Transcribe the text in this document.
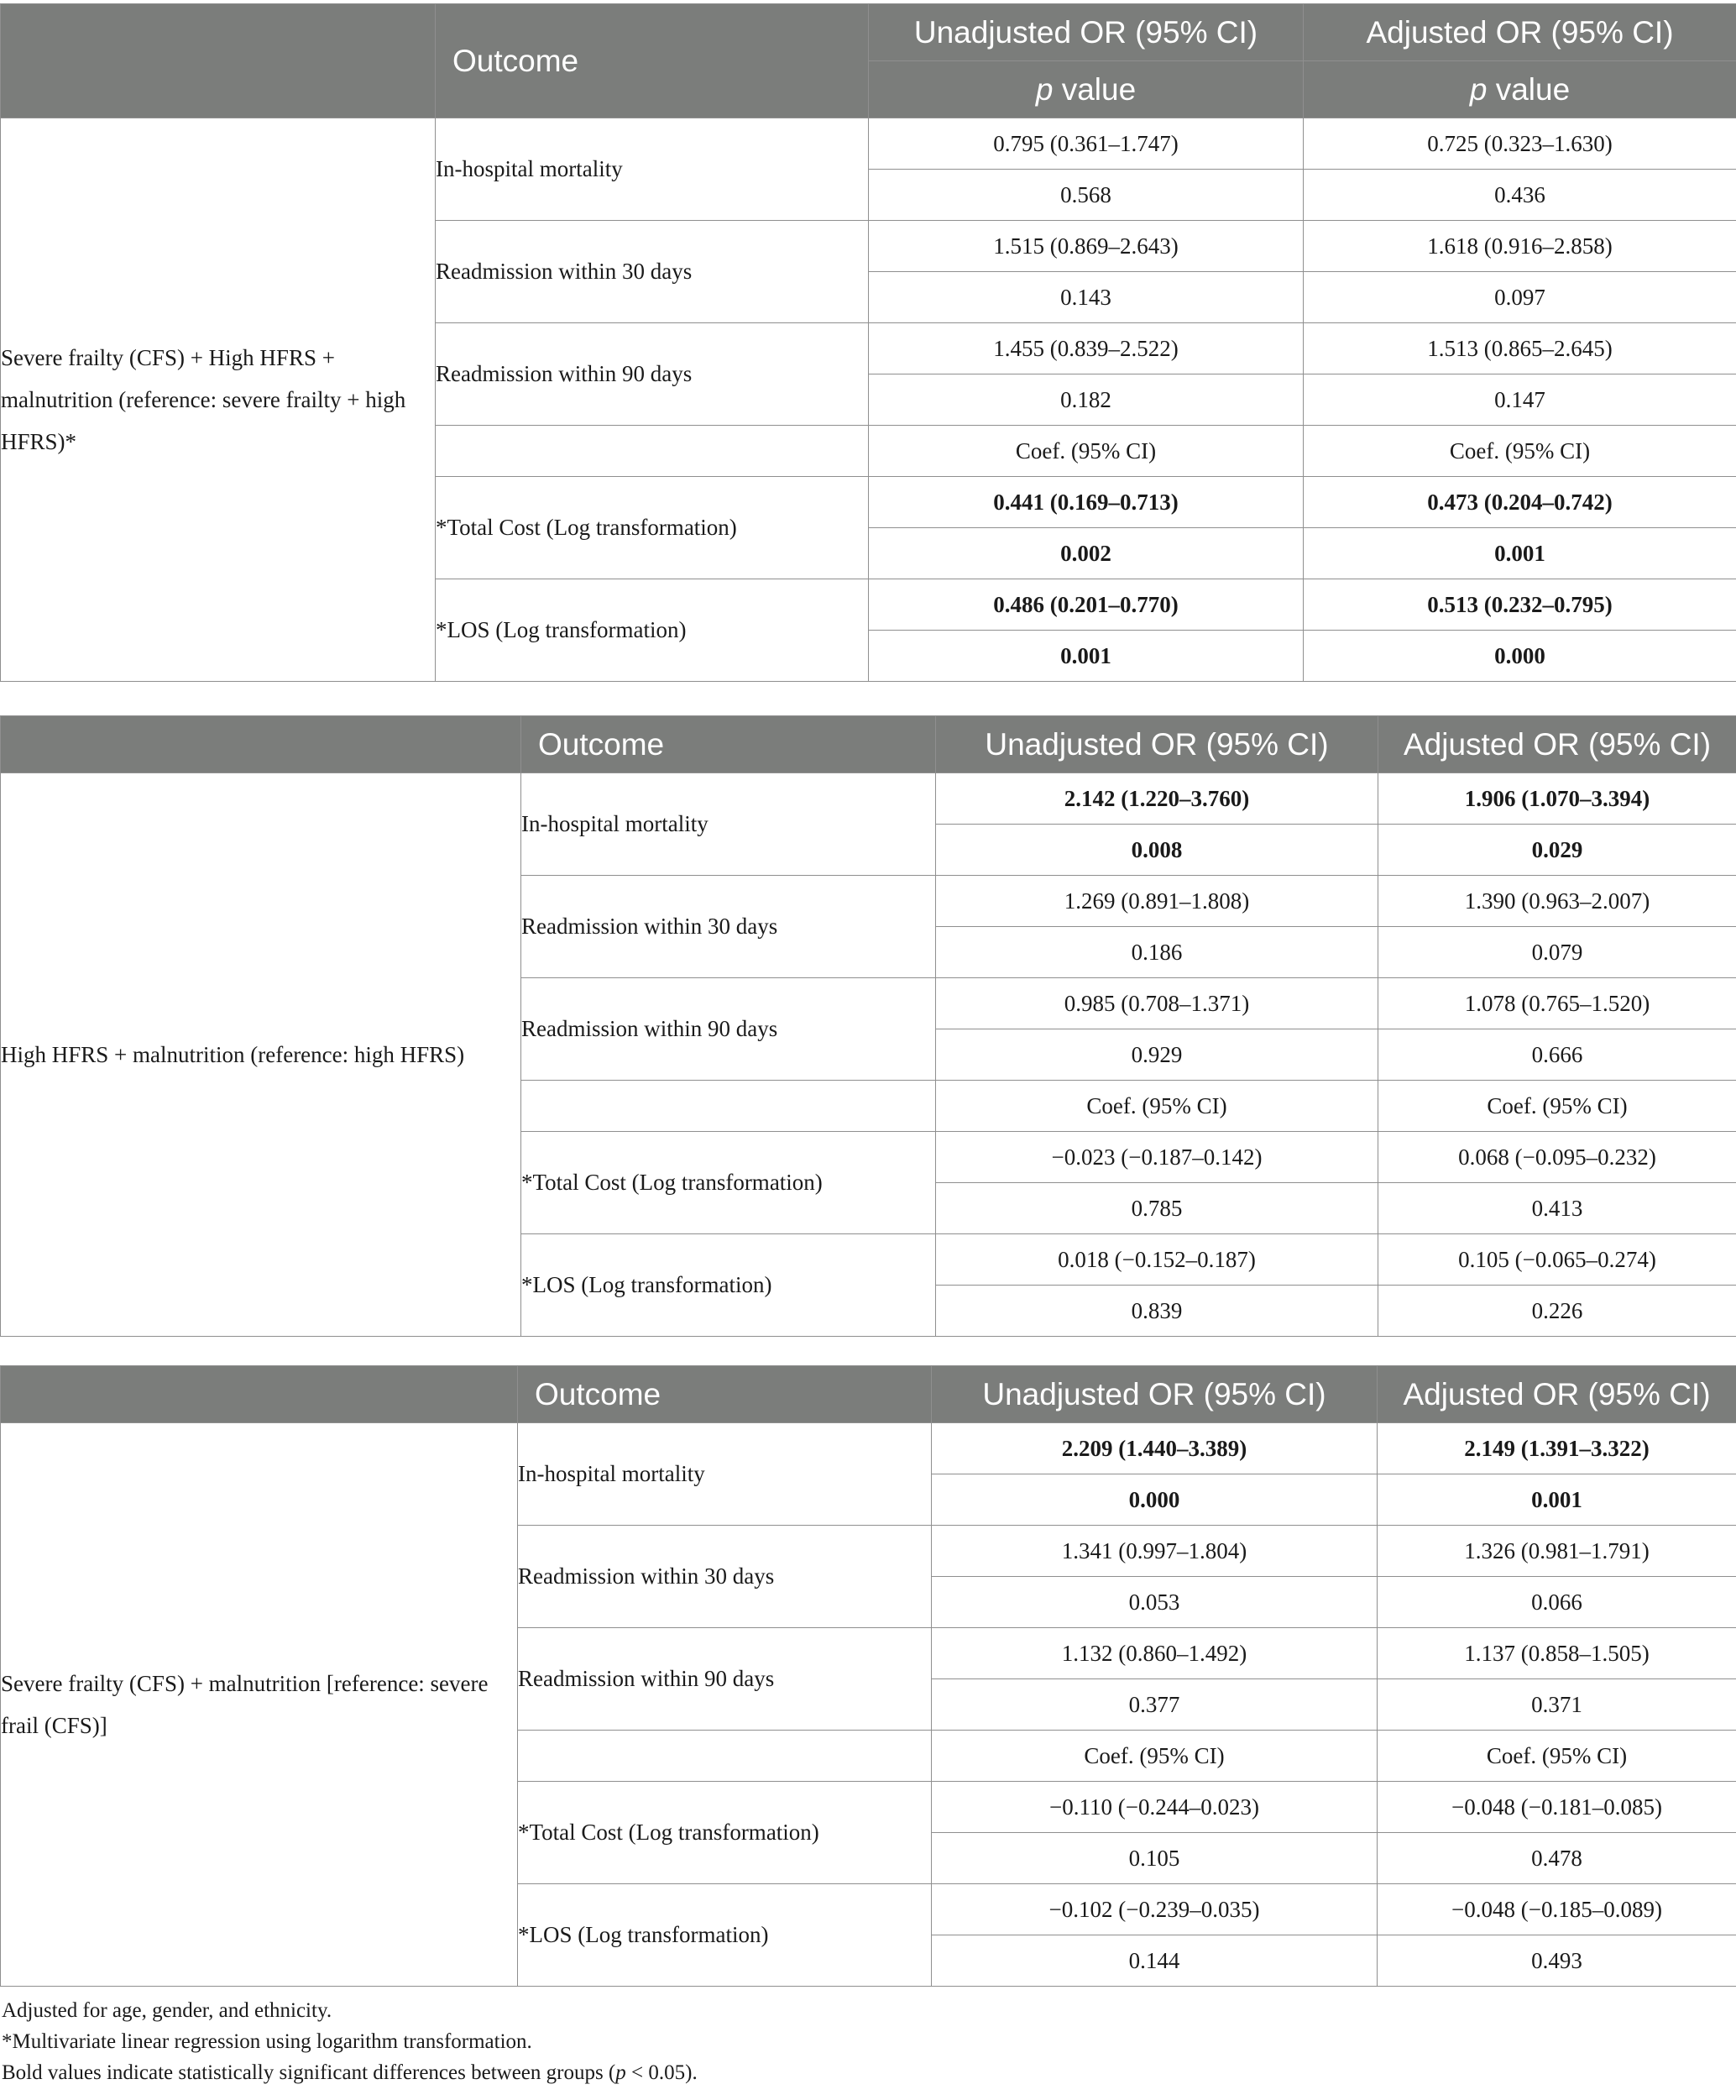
	Outcome	Unadjusted OR (95% CI)	Adjusted OR (95% CI)
		p value	p value
Severe frailty (CFS) + High HFRS + malnutrition (reference: severe frailty + high HFRS)*	In-hospital mortality	0.795 (0.361–1.747)	0.725 (0.323–1.630)
		0.568	0.436
	Readmission within 30 days	1.515 (0.869–2.643)	1.618 (0.916–2.858)
		0.143	0.097
	Readmission within 90 days	1.455 (0.839–2.522)	1.513 (0.865–2.645)
		0.182	0.147
		Coef. (95% CI)	Coef. (95% CI)
	*Total Cost (Log transformation)	0.441 (0.169–0.713)	0.473 (0.204–0.742)
		0.002	0.001
	*LOS (Log transformation)	0.486 (0.201–0.770)	0.513 (0.232–0.795)
		0.001	0.000
	Outcome	Unadjusted OR (95% CI)	Adjusted OR (95% CI)
High HFRS + malnutrition (reference: high HFRS)	In-hospital mortality	2.142 (1.220–3.760)	1.906 (1.070–3.394)
		0.008	0.029
	Readmission within 30 days	1.269 (0.891–1.808)	1.390 (0.963–2.007)
		0.186	0.079
	Readmission within 90 days	0.985 (0.708–1.371)	1.078 (0.765–1.520)
		0.929	0.666
		Coef. (95% CI)	Coef. (95% CI)
	*Total Cost (Log transformation)	−0.023 (−0.187–0.142)	0.068 (−0.095–0.232)
		0.785	0.413
	*LOS (Log transformation)	0.018 (−0.152–0.187)	0.105 (−0.065–0.274)
		0.839	0.226
	Outcome	Unadjusted OR (95% CI)	Adjusted OR (95% CI)
Severe frailty (CFS) + malnutrition [reference: severe frail (CFS)]	In-hospital mortality	2.209 (1.440–3.389)	2.149 (1.391–3.322)
		0.000	0.001
	Readmission within 30 days	1.341 (0.997–1.804)	1.326 (0.981–1.791)
		0.053	0.066
	Readmission within 90 days	1.132 (0.860–1.492)	1.137 (0.858–1.505)
		0.377	0.371
		Coef. (95% CI)	Coef. (95% CI)
	*Total Cost (Log transformation)	−0.110 (−0.244–0.023)	−0.048 (−0.181–0.085)
		0.105	0.478
	*LOS (Log transformation)	−0.102 (−0.239–0.035)	−0.048 (−0.185–0.089)
		0.144	0.493
Adjusted for age, gender, and ethnicity.
*Multivariate linear regression using logarithm transformation.
Bold values indicate statistically significant differences between groups (p < 0.05).
